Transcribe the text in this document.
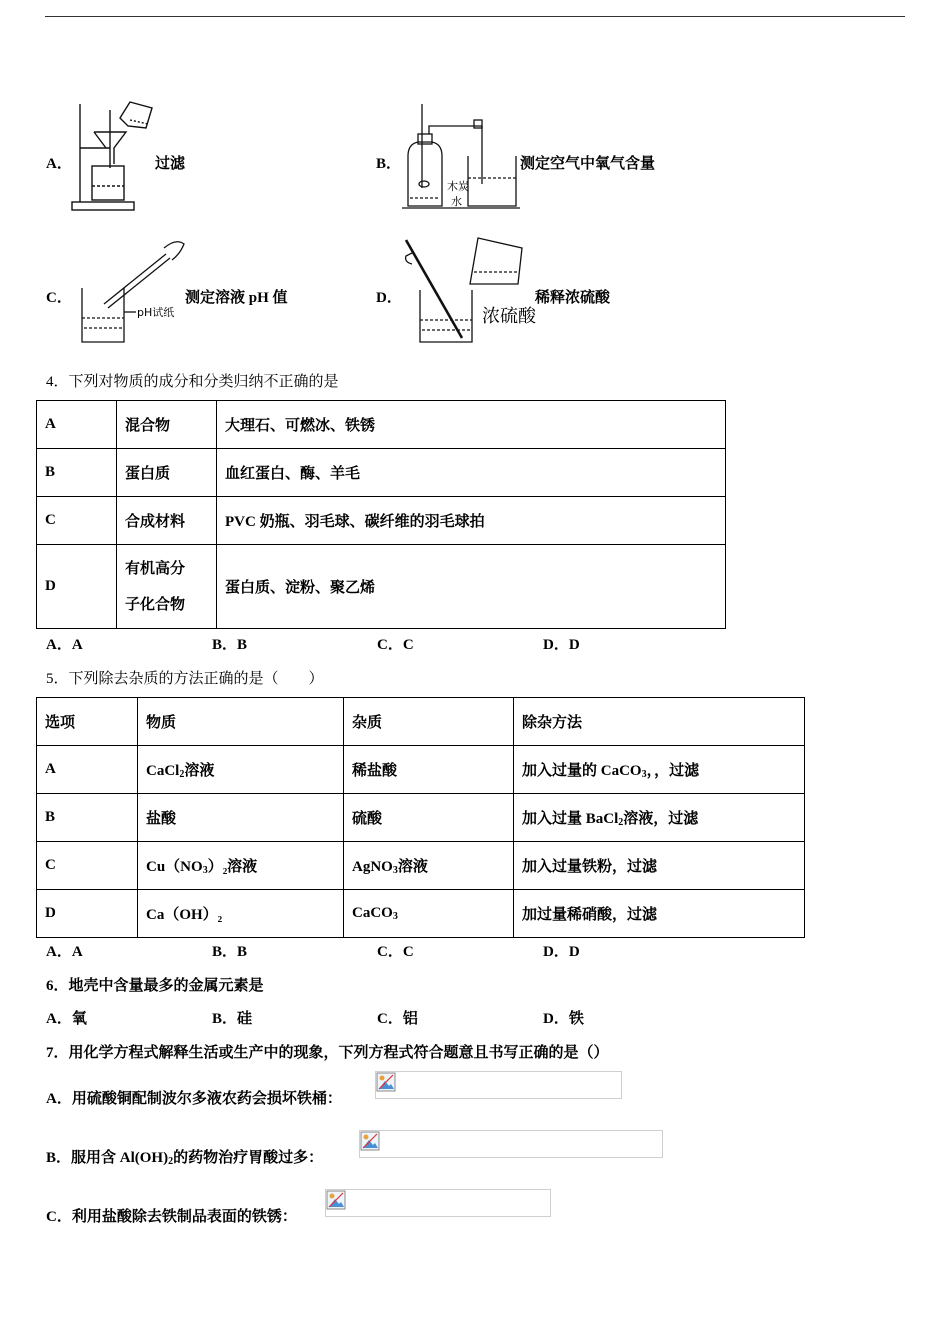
A．	过滤	B．
木炭
水
测定空气中氧气含量
C．
pH试纸
测定溶液 pH 值	D．
浓硫酸
稀释浓硫酸
4．下列对物质的成分和分类归纳不正确的是
A	混合物	大理石、可燃冰、铁锈
B	蛋白质	血红蛋白、酶、羊毛
C	合成材料	PVC 奶瓶、羽毛球、碳纤维的羽毛球拍
D	有机高分
子化合物	蛋白质、淀粉、聚乙烯
A．A	B．B	C．C	D．D
5．下列除去杂质的方法正确的是（　　）
选项	物质	杂质	除杂方法
A	CaCl$_2$溶液	稀盐酸	加入过量的 CaCO$_3$，，过滤
B	盐酸	硫酸	加入过量 BaCl$_2$溶液，过滤
C	$Cu(NO_3)_2$溶液	AgNO$_3$溶液	加入过量铁粉，过滤
D	Ca（OH）₂	CaCO$_3$	加过量稀硝酸，过滤
A．A	B．B	C．C	D．D
6．地壳中含量最多的金属元素是
A．氧	B．硅	C．铝	D．铁
7．用化学方程式解释生活或生产中的现象，下列方程式符合题意且书写正确的是（）
A．用硫酸铜配制波尔多液农药会损坏铁桶：
B．服用含 $Al(OH)_2$的药物治疗胃酸过多：
C．利用盐酸除去铁制品表面的铁锈：
